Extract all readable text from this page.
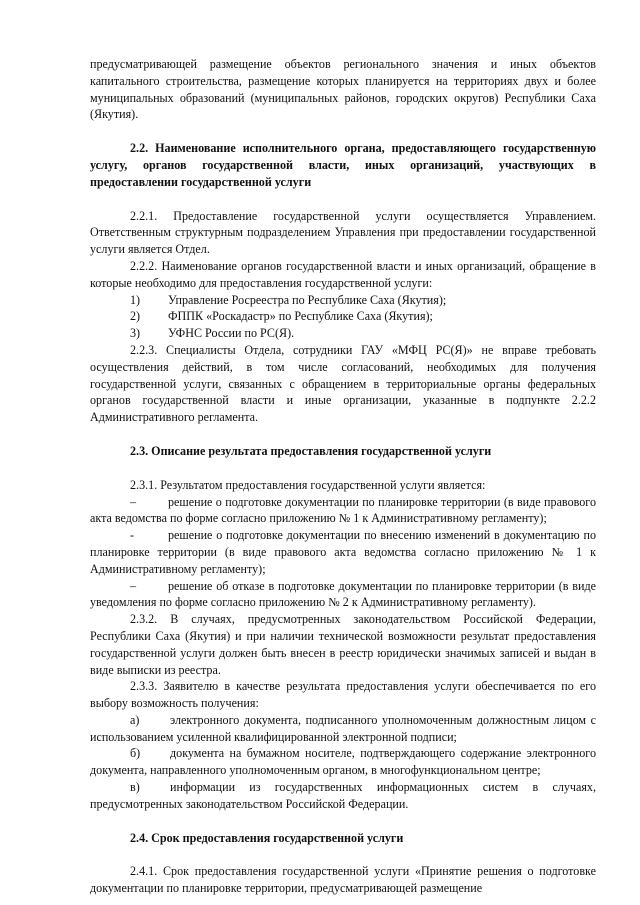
предусматривающей размещение объектов регионального значения и иных объектов капитального строительства, размещение которых планируется на территориях двух и более муниципальных образований (муниципальных районов, городских округов) Республики Саха (Якутия).

2.2. Наименование исполнительного органа, предоставляющего государственную услугу, органов государственной власти, иных организаций, участвующих в предоставлении государственной услуги

2.2.1. Предоставление государственной услуги осуществляется Управлением. Ответственным структурным подразделением Управления при предоставлении государственной услуги является Отдел.

2.2.2. Наименование органов государственной власти и иных организаций, обращение в которые необходимо для предоставления государственной услуги:

1)	Управление Росреестра по Республике Саха (Якутия);
2)	ФППК «Роскадастр» по Республике Саха (Якутия);
3)	УФНС России по РС(Я).

2.2.3. Специалисты Отдела, сотрудники ГАУ «МФЦ РС(Я)» не вправе требовать осуществления действий, в том числе согласований, необходимых для получения государственной услуги, связанных с обращением в территориальные органы федеральных органов государственной власти и иные организации, указанные в подпункте 2.2.2 Административного регламента.

2.3. Описание результата предоставления государственной услуги

2.3.1. Результатом предоставления государственной услуги является:

–	решение о подготовке документации по планировке территории (в виде правового акта ведомства по форме согласно приложению № 1 к Административному регламенту);

-	решение о подготовке документации по внесению изменений в документацию по планировке территории (в виде правового акта ведомства согласно приложению № 1 к Административному регламенту);

–	решение об отказе в подготовке документации по планировке территории (в виде уведомления по форме согласно приложению № 2 к Административному регламенту).

2.3.2. В случаях, предусмотренных законодательством Российской Федерации, Республики Саха (Якутия) и при наличии технической возможности результат предоставления государственной услуги должен быть внесен в реестр юридически значимых записей и выдан в виде выписки из реестра.

2.3.3. Заявителю в качестве результата предоставления услуги обеспечивается по его выбору возможность получения:

а)	электронного документа, подписанного уполномоченным должностным лицом с использованием усиленной квалифицированной электронной подписи;

б) документа на бумажном носителе, подтверждающего содержание электронного документа, направленного уполномоченным органом, в многофункциональном центре;

в)	информации из государственных информационных систем в случаях, предусмотренных законодательством Российской Федерации.

2.4. Срок предоставления государственной услуги

2.4.1. Срок предоставления государственной услуги «Принятие решения о подготовке документации по планировке территории, предусматривающей размещение
